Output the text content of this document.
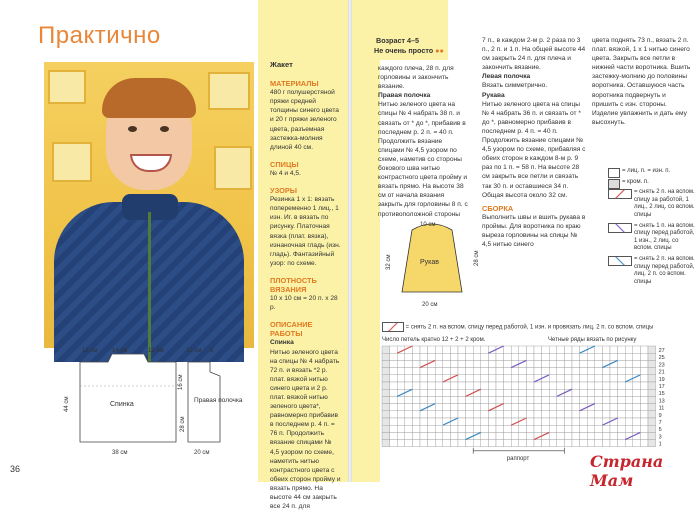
Практично
12 см 14 см	12 см
44 см
16 см
28 см
Спинка
38 см
12 см 8
Правая полочка
20 см
36
Жакет
МАТЕРИАЛЫ
480 г полушерстяной пряжи средней толщины синего цвета и 20 г пряжи зеленого цвета, разъемная застежка-молния длиной 40 см.
СПИЦЫ
№ 4 и 4,5.
УЗОРЫ
Резинка 1 х 1: вязать попеременно 1 лиц., 1 изн. Иг. в вязать по рисунку. Платочная вязка (плат. вязка), изнаночная гладь (изн. гладь). Фантазийный узор: по схеме.
ПЛОТНОСТЬ ВЯЗАНИЯ
10 х 10 см = 20 п. х 28 р.
ОПИСАНИЕ РАБОТЫ
Спинка
Нитью зеленого цвета на спицы № 4 набрать 72 п. и вязать *2 р. плат. вязкой нитью синего цвета и 2 р. плат. вязкой нитью зеленого цвета*, равномерно прибавив в последнем р. 4 п. = 76 п. Продолжить вязание спицами № 4,5 узором по схеме, наметить нитью контрастного цвета с обеих сторон пройму и вязать прямо. На высоте 44 см закрыть все 24 п. для
Возраст 4–5
Не очень просто ●●
каждого плеча, 28 п. для горловины и закончить вязание.
Правая полочка
Нитью зеленого цвета на спицы № 4 набрать 38 п. и связать от * до *, прибавив в последнем р. 2 п. = 40 п. Продолжить вязание спицами № 4,5 узором по схеме, наметив со стороны бокового шва нитью контрастного цвета пройму и вязать прямо. На высоте 38 см от начала вязания закрыть для горловины 8 п. с противоположной стороны
7 п., в каждом 2-м р. 2 раза по 3 п., 2 п. и 1 п. На общей высоте 44 см закрыть 24 п. для плеча и закончить вязание.
Левая полочка
Вязать симметрично.
Рукава
Нитью зеленого цвета на спицы № 4 набрать 36 п. и связать от * до *, равномерно прибавив в последнем р. 4 п. = 40 п. Продолжить вязание спицами № 4,5 узором по схеме, прибавляя с обеих сторон в каждом 8-м р. 9 раз по 1 п. = 58 п. На высоте 28 см закрыть все петли и связать так 30 п. и оставшиеся 34 п. Общая высота около 32 см.
СБОРКА
Выполнить швы и вшить рукава в проймы. Для воротника по краю выреза горловины на спицы № 4,5 нитью синего
цвета поднять 73 п., вязать 2 п. плат. вязкой, 1 х 1 нитью синего цвета. Закрыть все петли в нижней части воротника. Вшить застежку-молнию до половины воротника. Оставшуюся часть воротника подвернуть и пришить с изн. стороны. Изделие увлажнить и дать ему высохнуть.
= лиц. п. = изн. п.
= кром. п.
= снять 2 п. на вспом. спицу за работой, 1 лиц., 2 лиц. со вспом. спицы
= снять 1 п. на вспом. спицу перед работой, 1 изн., 2 лиц. со вспом. спицы
= снять 2 п. на вспом. спицу перед работой, лиц. 2 п. со вспом. спицы
10 см
Рукав
32 см	28 см
20 см
= снять 2 п. на вспом. спицу перед работой, 1 изн. и провязать лиц. 2 п. со вспом. спицы
Число петель кратно 12 + 2 + 2 кром.	Четные ряды вязать по рисунку
27
25
23
21
19
17
15
13
11
9
7
5
3
1
раппорт	Страна Мам
